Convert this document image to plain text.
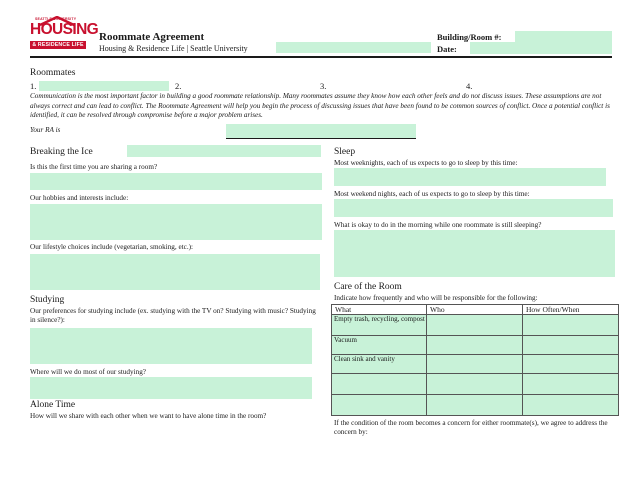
SEATTLE UNIVERSITY
HOUSING
& RESIDENCE LIFE
Roommate Agreement
Housing & Residence Life | Seattle University
Building/Room #:
Date:
Roommates
1.	2.	3.	4.
Communication is the most important factor in building a good roommate relationship. Many roommates assume they know how each other feels and do not discuss issues. These assumptions are not always correct and can lead to conflict. The Roommate Agreement will help you begin the process of discussing issues that have been found to be common sources of conflict. Once a potential conflict is identified, it can be resolved through compromise before a major problem arises.
Your RA is
Breaking the Ice
Is this the first time you are sharing a room?
Our hobbies and interests include:
Our lifestyle choices include (vegetarian, smoking, etc.):
Studying
Our preferences for studying include (ex. studying with the TV on? Studying with music? Studying in silence?):
Where will we do most of our studying?
Alone Time
How will we share with each other when we want to have alone time in the room?
Sleep
Most weeknights, each of us expects to go to sleep by this time:
Most weekend nights, each of us expects to go to sleep by this time:
What is okay to do in the morning while one roommate is still sleeping?
Care of the Room
Indicate how frequently and who will be responsible for the following:
What	Who	How Often/When
Empty trash, recycling, compost		
Vacuum		
Clean sink and vanity		

If the condition of the room becomes a concern for either roommate(s), we agree to address the concern by:
